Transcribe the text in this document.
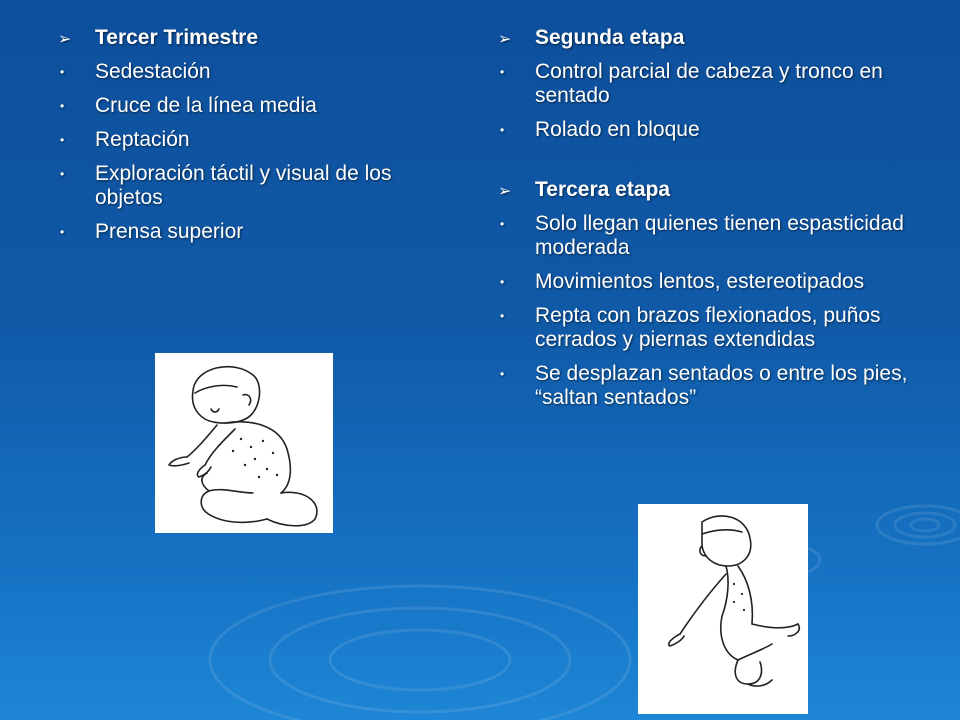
➢ Tercer Trimestre
• Sedestación
• Cruce de la línea media
• Reptación
• Exploración táctil y visual de los objetos
• Prensa superior
➢ Segunda etapa
• Control parcial de cabeza y tronco en sentado
• Rolado en bloque
➢ Tercera etapa
• Solo llegan quienes tienen espasticidad moderada
• Movimientos lentos, estereotipados
• Repta con brazos flexionados, puños cerrados y piernas extendidas
• Se desplazan sentados o entre los pies, “saltan sentados”
